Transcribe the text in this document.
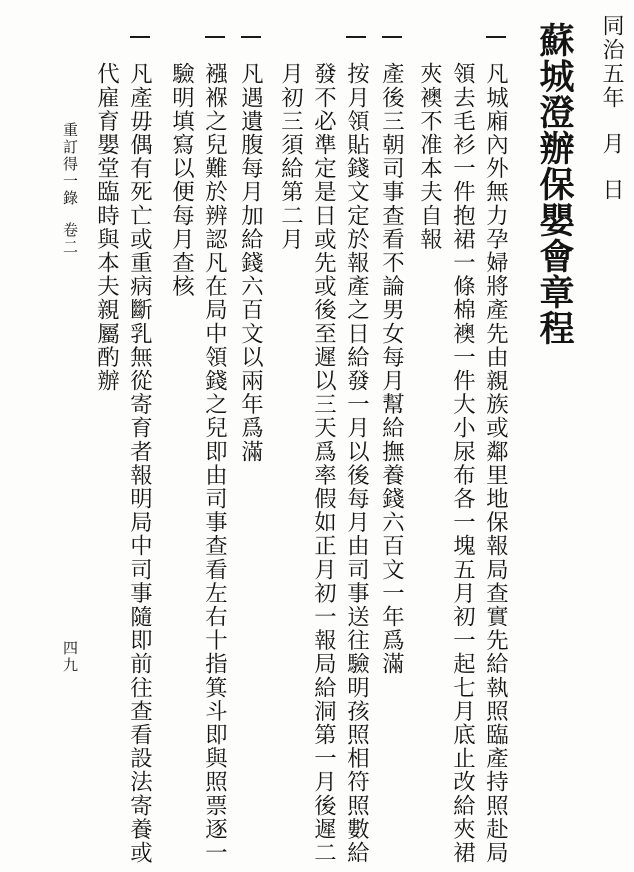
蘇城澄辦保嬰會章程 同治五年月日
凡城廂內外無力孕婦將產先由親族或鄰里地保報局查實先給執照臨產持照赴局
領去毛衫一件抱裙一條棉襖一件大小尿布各一塊五月初一起七月底止改給夾裙
夾襖不准本夫自報
產後三朝司事查看不論男女每月幫給撫養錢六百文一年爲滿
按月領貼錢文定於報產之日給發一月以後每月由司事送往驗明孩照相符照數給
發不必準定是日或先或後至遲以三天爲率假如正月初一報局給洞第一月後遲二
月初三須給第二月
凡遇遺腹每月加給錢六百文以兩年爲滿
襁褓之兒難於辨認凡在局中領錢之兒即由司事查看左右十指箕斗即與照票逐一
驗明填寫以便每月查核
凡產毋偶有死亡或重病斷乳無從寄育者報明局中司事隨即前往查看設法寄養或
代雇育嬰堂臨時與本夫親屬酌辦
重訂得一錄
卷二
四九
